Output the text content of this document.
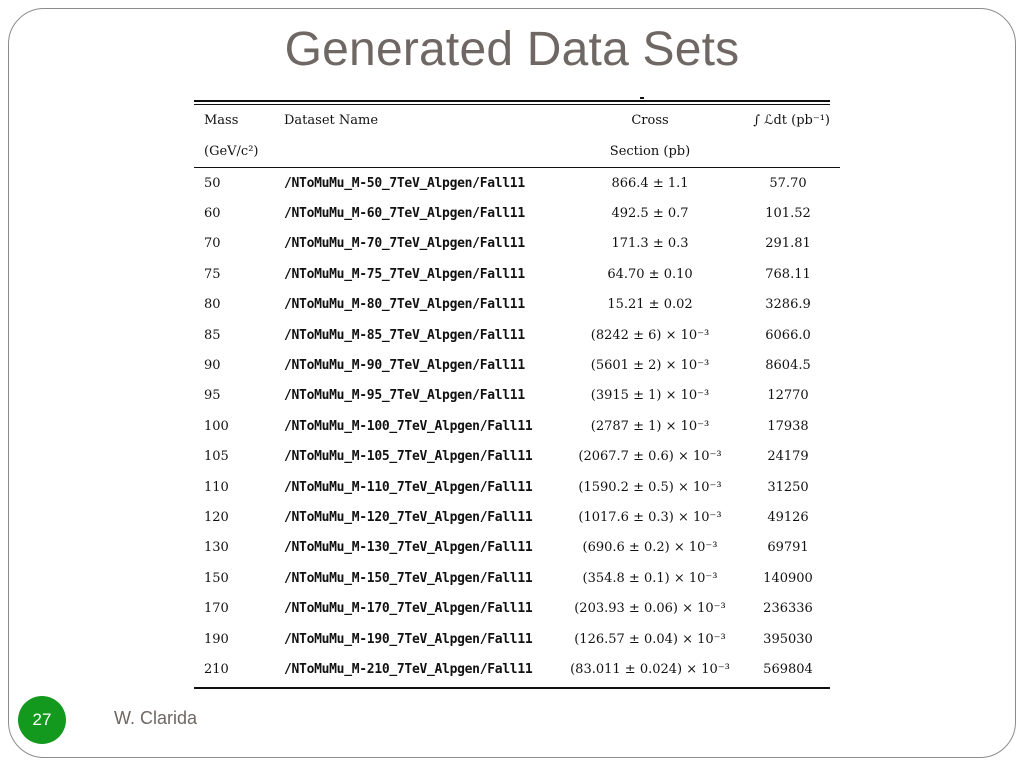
Generated Data Sets
Mass	Dataset Name	Cross	∫ ℒdt (pb⁻¹)
(GeV/c²)		Section (pb)	

50	/NToMuMu_M-50_7TeV_Alpgen/Fall11	866.4 ± 1.1	57.70
60	/NToMuMu_M-60_7TeV_Alpgen/Fall11	492.5 ± 0.7	101.52
70	/NToMuMu_M-70_7TeV_Alpgen/Fall11	171.3 ± 0.3	291.81
75	/NToMuMu_M-75_7TeV_Alpgen/Fall11	64.70 ± 0.10	768.11
80	/NToMuMu_M-80_7TeV_Alpgen/Fall11	15.21 ± 0.02	3286.9
85	/NToMuMu_M-85_7TeV_Alpgen/Fall11	(8242 ± 6) × 10⁻³	6066.0
90	/NToMuMu_M-90_7TeV_Alpgen/Fall11	(5601 ± 2) × 10⁻³	8604.5
95	/NToMuMu_M-95_7TeV_Alpgen/Fall11	(3915 ± 1) × 10⁻³	12770
100	/NToMuMu_M-100_7TeV_Alpgen/Fall11	(2787 ± 1) × 10⁻³	17938
105	/NToMuMu_M-105_7TeV_Alpgen/Fall11	(2067.7 ± 0.6) × 10⁻³	24179
110	/NToMuMu_M-110_7TeV_Alpgen/Fall11	(1590.2 ± 0.5) × 10⁻³	31250
120	/NToMuMu_M-120_7TeV_Alpgen/Fall11	(1017.6 ± 0.3) × 10⁻³	49126
130	/NToMuMu_M-130_7TeV_Alpgen/Fall11	(690.6 ± 0.2) × 10⁻³	69791
150	/NToMuMu_M-150_7TeV_Alpgen/Fall11	(354.8 ± 0.1) × 10⁻³	140900
170	/NToMuMu_M-170_7TeV_Alpgen/Fall11	(203.93 ± 0.06) × 10⁻³	236336
190	/NToMuMu_M-190_7TeV_Alpgen/Fall11	(126.57 ± 0.04) × 10⁻³	395030
210	/NToMuMu_M-210_7TeV_Alpgen/Fall11	(83.011 ± 0.024) × 10⁻³	569804
27	W. Clarida
